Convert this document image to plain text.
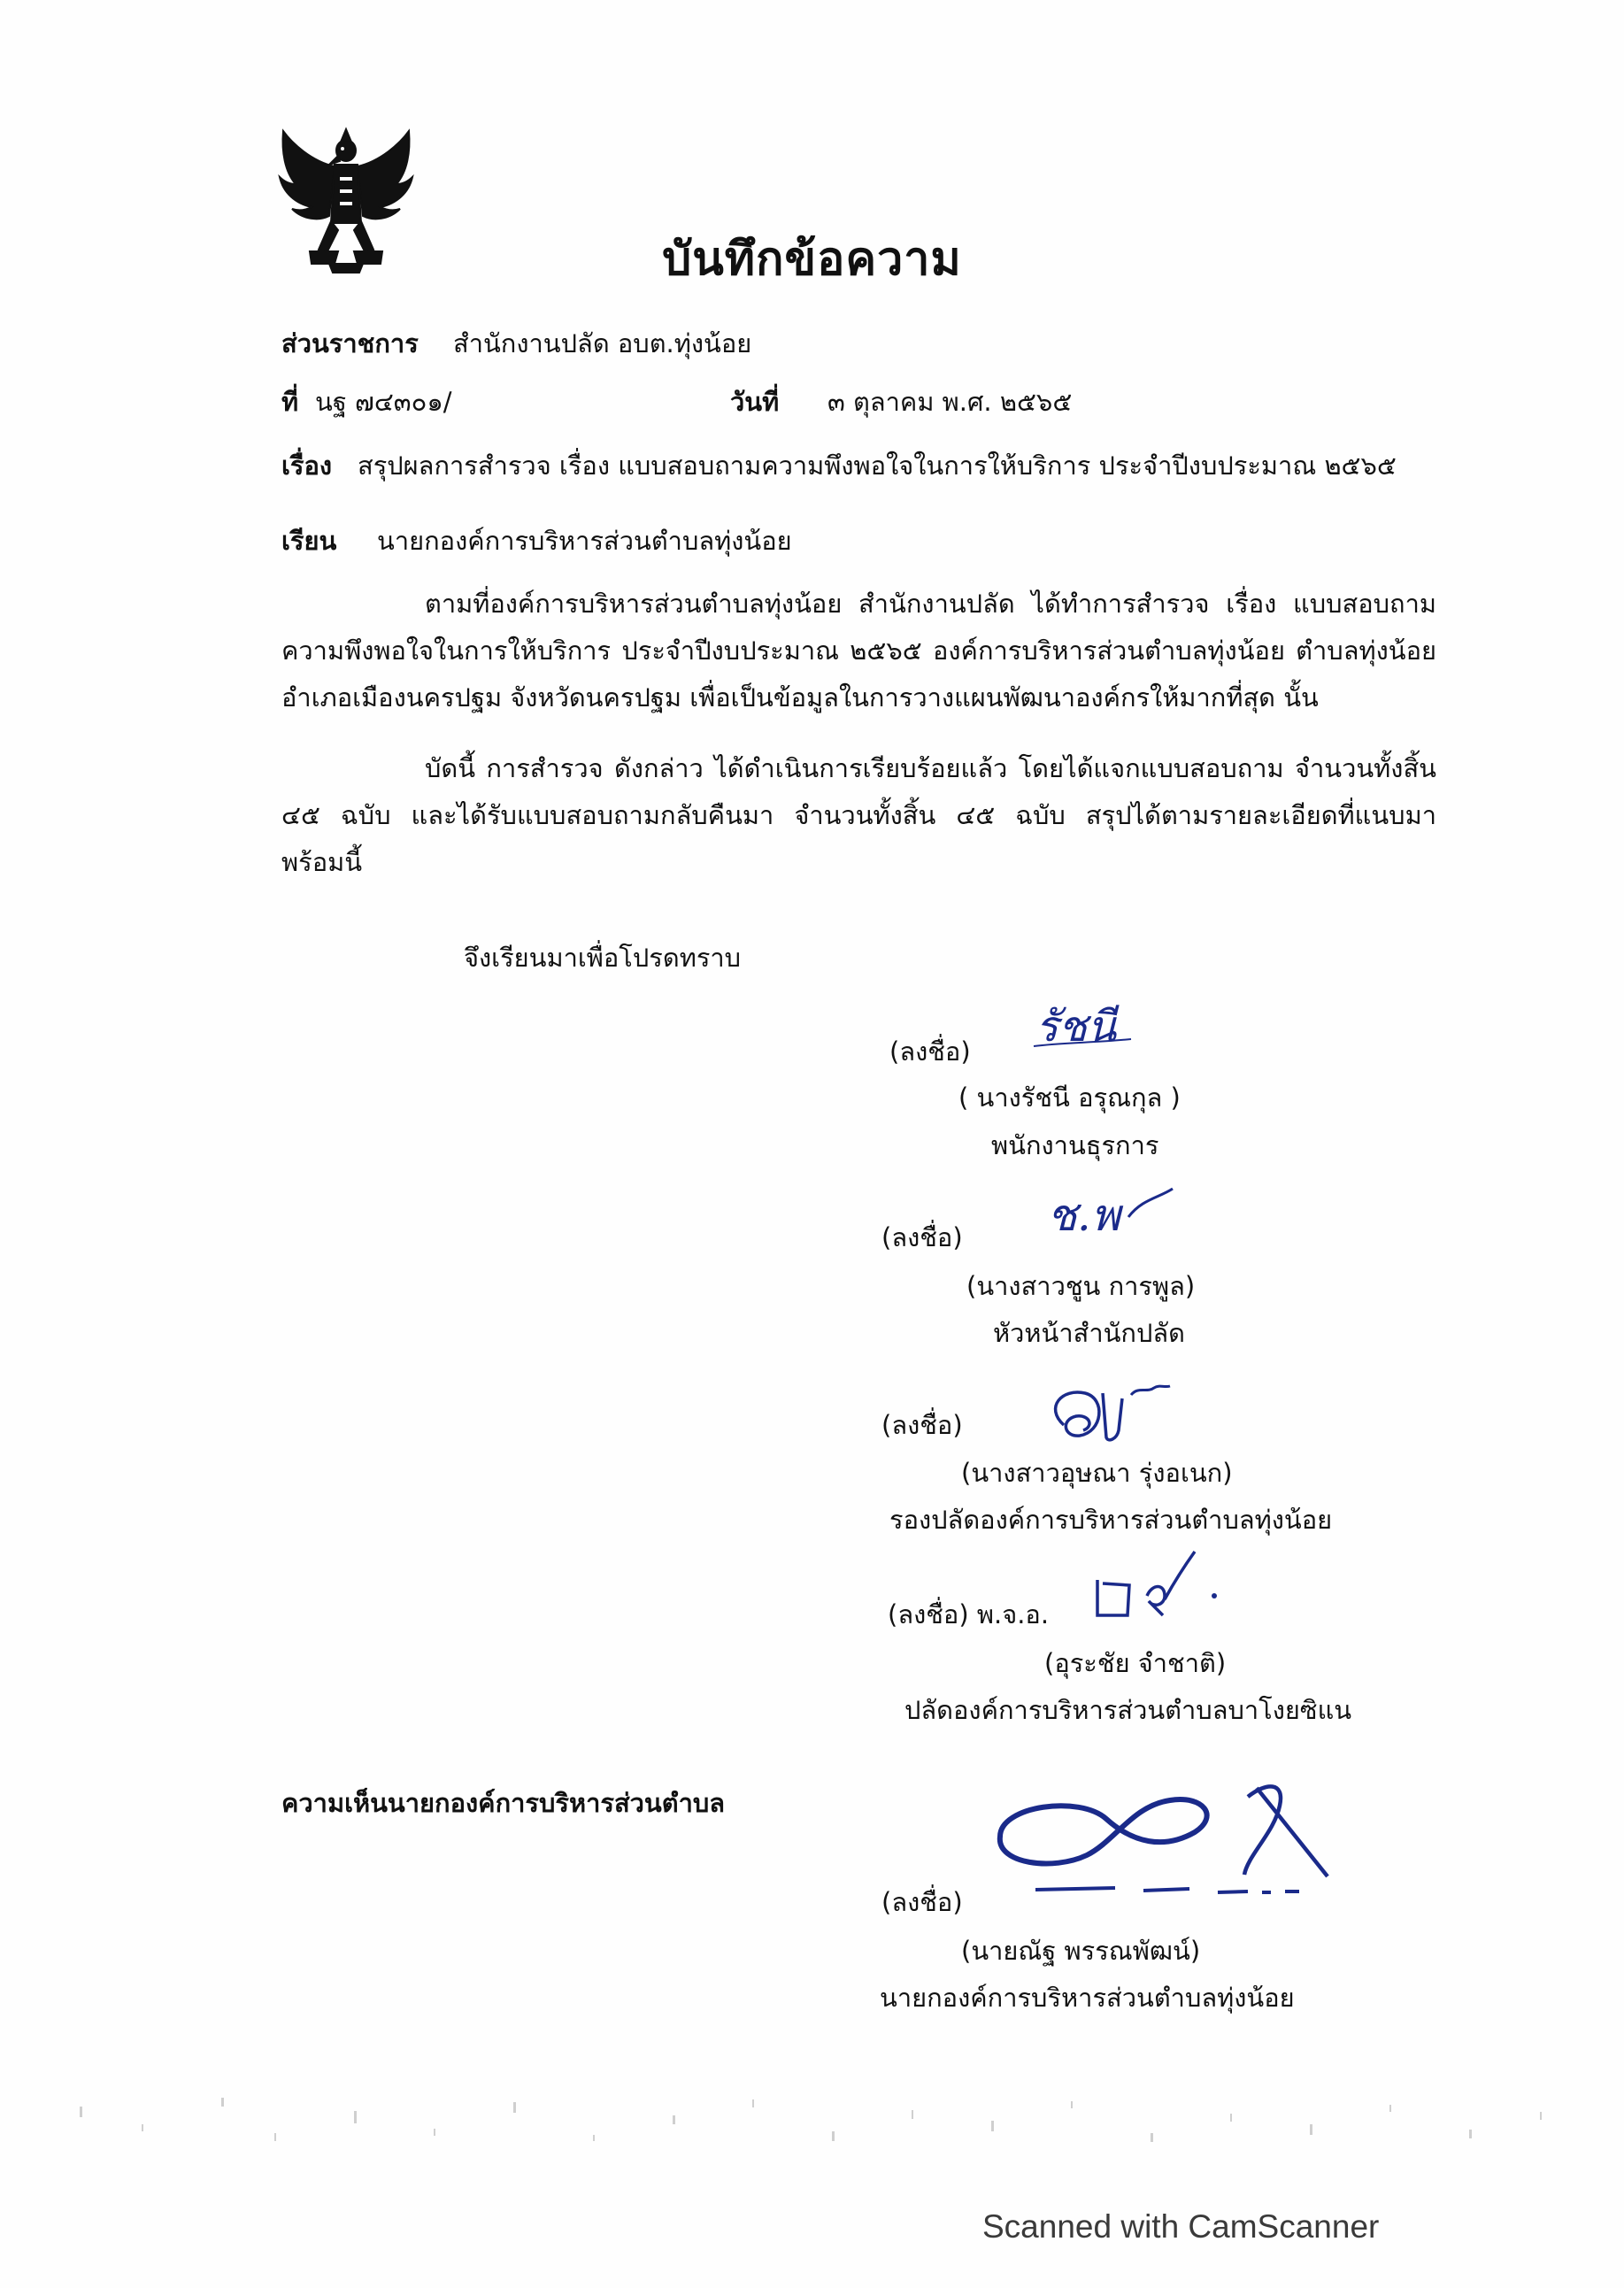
บันทึกข้อความ
ส่วนราชการ สำนักงานปลัด อบต.ทุ่งน้อย
ที่ นฐ ๗๔๓๐๑/	วันที่ ๓ ตุลาคม พ.ศ. ๒๕๖๕
เรื่อง สรุปผลการสำรวจ เรื่อง แบบสอบถามความพึงพอใจในการให้บริการ ประจำปีงบประมาณ ๒๕๖๕
เรียน นายกองค์การบริหารส่วนตำบลทุ่งน้อย
ตามที่องค์การบริหารส่วนตำบลทุ่งน้อย สำนักงานปลัด ได้ทำการสำรวจ เรื่อง แบบสอบถาม
ความพึงพอใจในการให้บริการ ประจำปีงบประมาณ ๒๕๖๕ องค์การบริหารส่วนตำบลทุ่งน้อย ตำบลทุ่งน้อย
อำเภอเมืองนครปฐม จังหวัดนครปฐม เพื่อเป็นข้อมูลในการวางแผนพัฒนาองค์กรให้มากที่สุด นั้น
บัดนี้ การสำรวจ ดังกล่าว ได้ดำเนินการเรียบร้อยแล้ว โดยได้แจกแบบสอบถาม จำนวนทั้งสิ้น
๔๕ ฉบับ และได้รับแบบสอบถามกลับคืนมา จำนวนทั้งสิ้น ๔๕ ฉบับ สรุปได้ตามรายละเอียดที่แนบมา
พร้อมนี้
จึงเรียนมาเพื่อโปรดทราบ
รัชนี
(ลงชื่อ)
( นางรัชนี อรุณกุล )
พนักงานธุรการ
ช.พ
(ลงชื่อ)
(นางสาวชูน การพูล)
หัวหน้าสำนักปลัด
(ลงชื่อ)
(นางสาวอุษณา รุ่งอเนก)
รองปลัดองค์การบริหารส่วนตำบลทุ่งน้อย
(ลงชื่อ) พ.จ.อ.
(อุระชัย จำชาติ)
ปลัดองค์การบริหารส่วนตำบลบาโงยซิแน
ความเห็นนายกองค์การบริหารส่วนตำบล
(ลงชื่อ)
(นายณัฐ พรรณพัฒน์)
นายกองค์การบริหารส่วนตำบลทุ่งน้อย
Scanned with CamScanner
